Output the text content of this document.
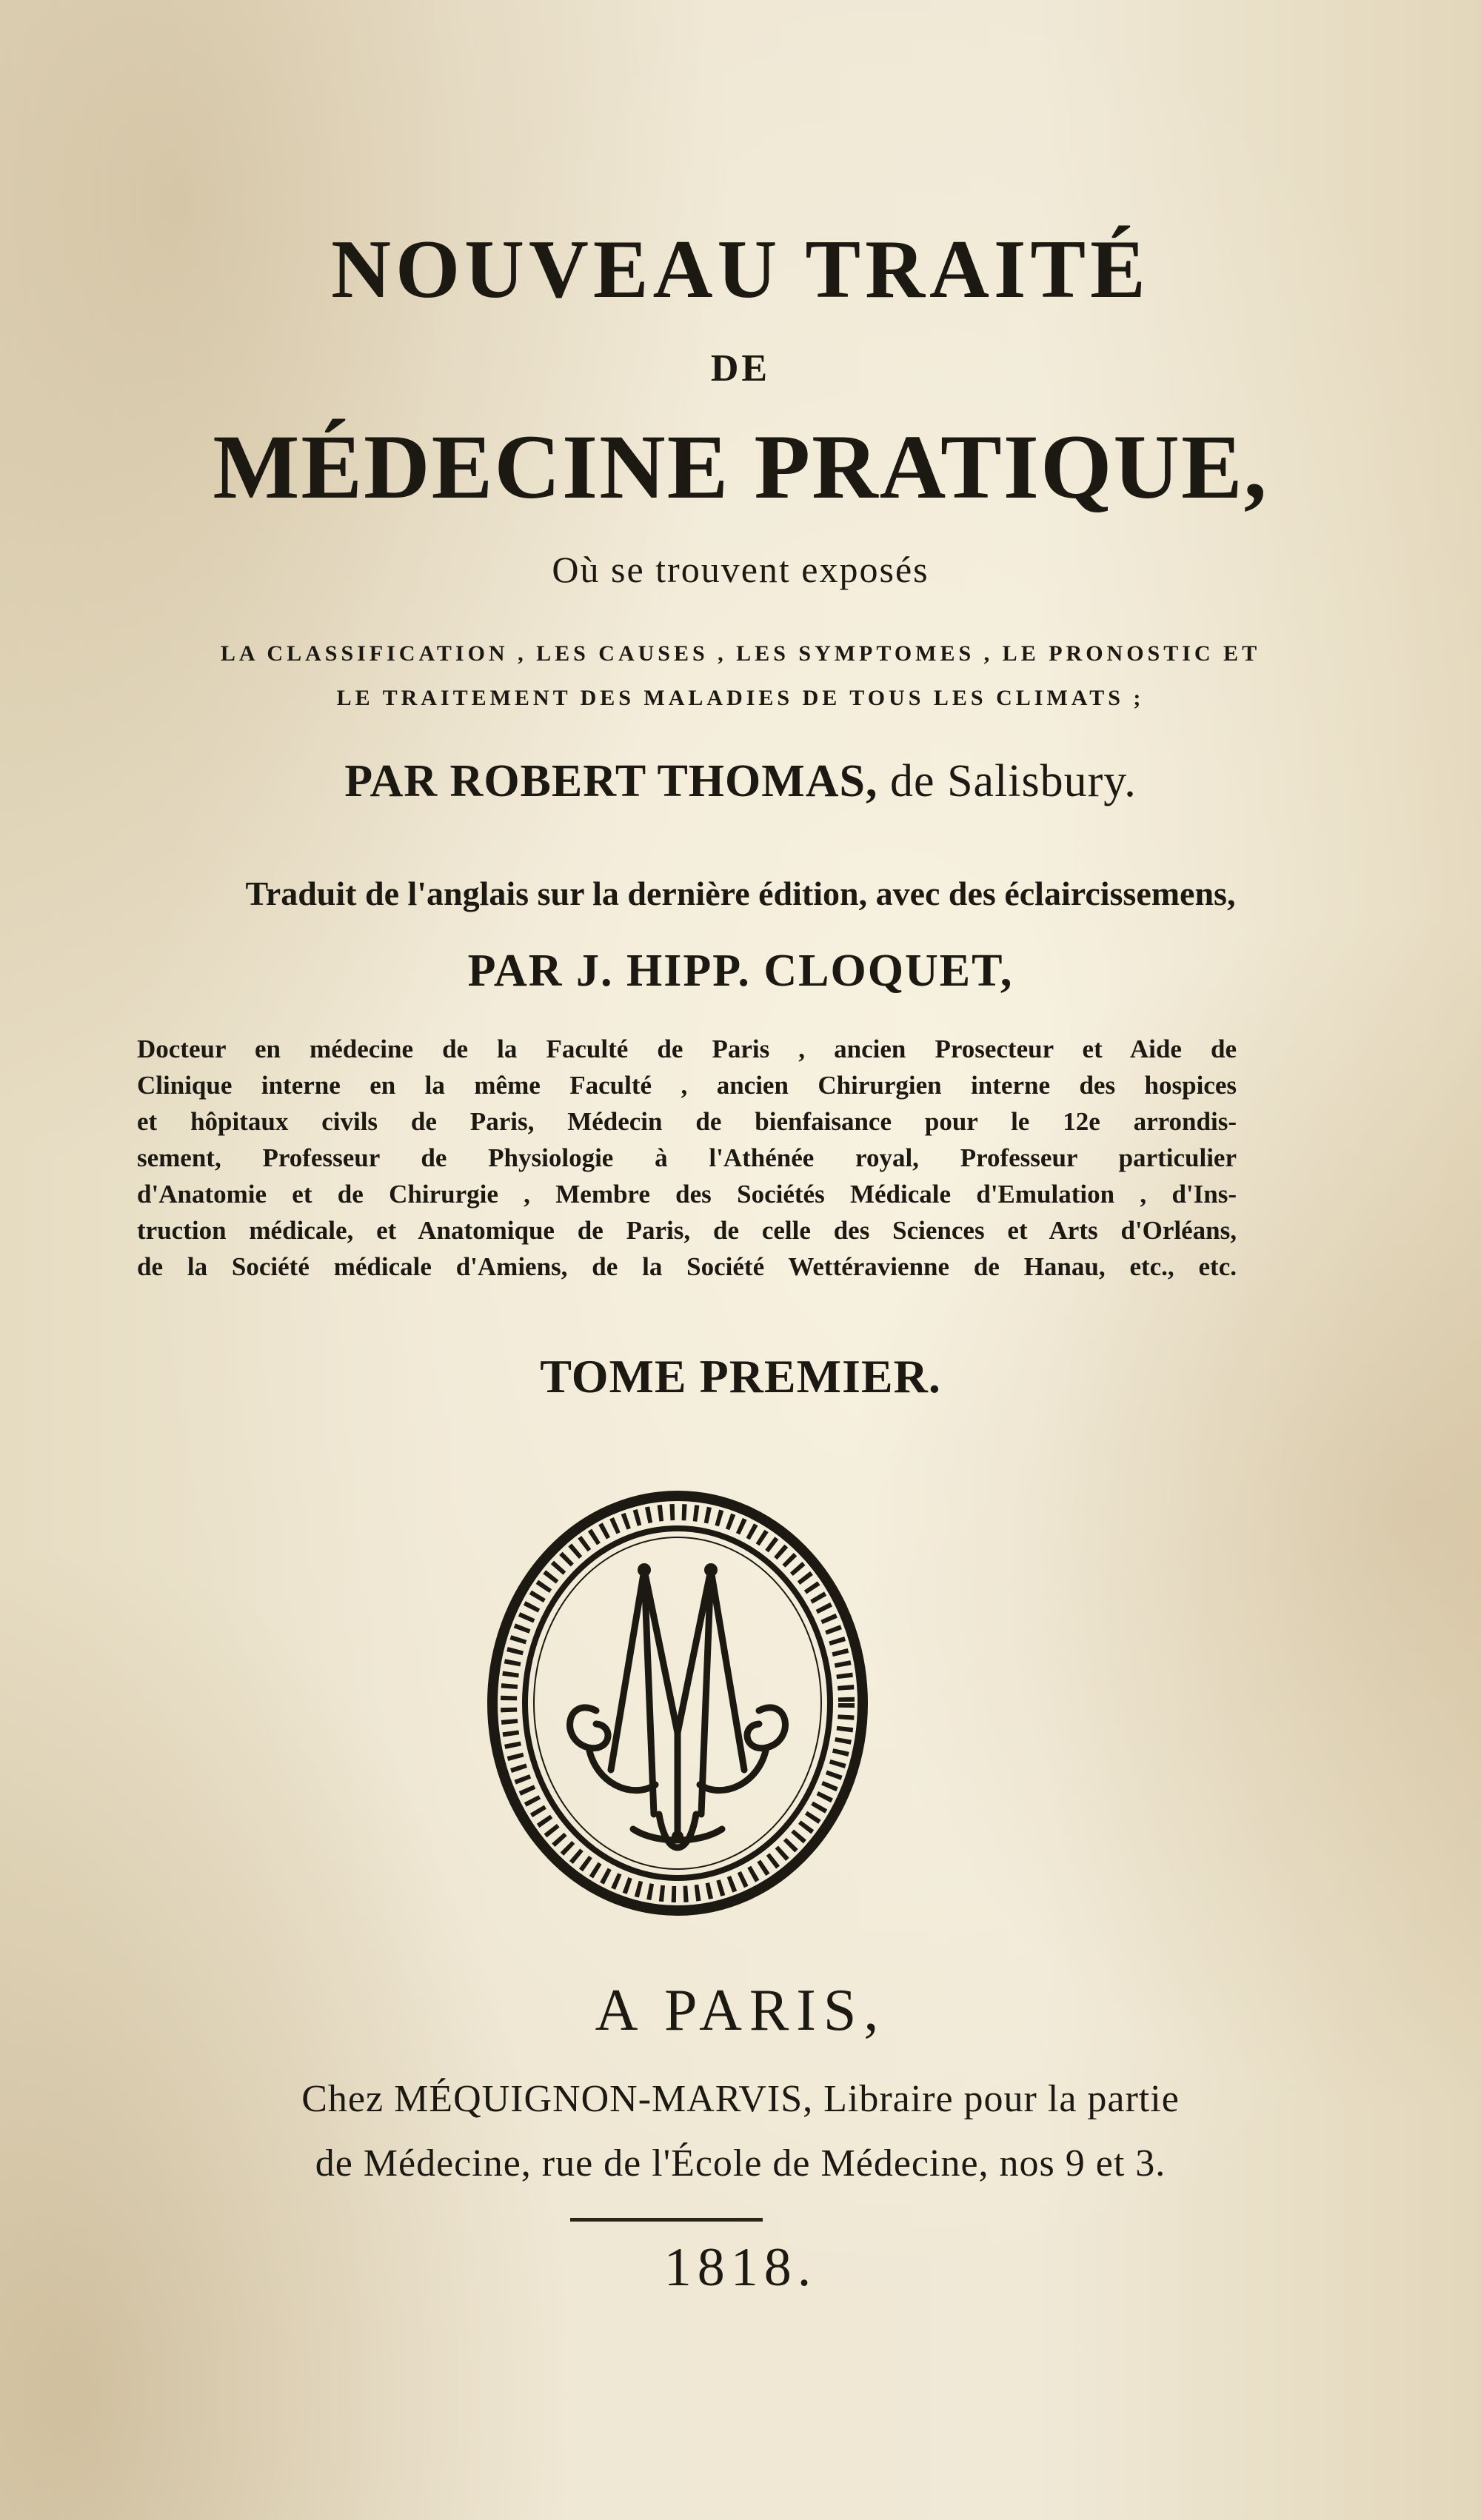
NOUVEAU TRAITÉ
DE
MÉDECINE PRATIQUE,
Où se trouvent exposés
LA CLASSIFICATION , LES CAUSES , LES SYMPTOMES , LE PRONOSTIC ET
LE TRAITEMENT DES MALADIES DE TOUS LES CLIMATS ;
PAR ROBERT THOMAS, de Salisbury.
Traduit de l'anglais sur la dernière édition, avec des éclaircissemens,
PAR J. HIPP. CLOQUET,
Docteur en médecine de la Faculté de Paris , ancien Prosecteur et Aide de
Clinique interne en la même Faculté , ancien Chirurgien interne des hospices
et hôpitaux civils de Paris, Médecin de bienfaisance pour le 12e arrondis-
sement, Professeur de Physiologie à l'Athénée royal, Professeur particulier
d'Anatomie et de Chirurgie , Membre des Sociétés Médicale d'Emulation , d'Ins-
truction médicale, et Anatomique de Paris, de celle des Sciences et Arts d'Orléans,
de la Société médicale d'Amiens, de la Société Wettéravienne de Hanau, etc., etc.
TOME PREMIER.
A PARIS,
Chez MÉQUIGNON-MARVIS, Libraire pour la partie
de Médecine, rue de l'École de Médecine, nos 9 et 3.
1818.
